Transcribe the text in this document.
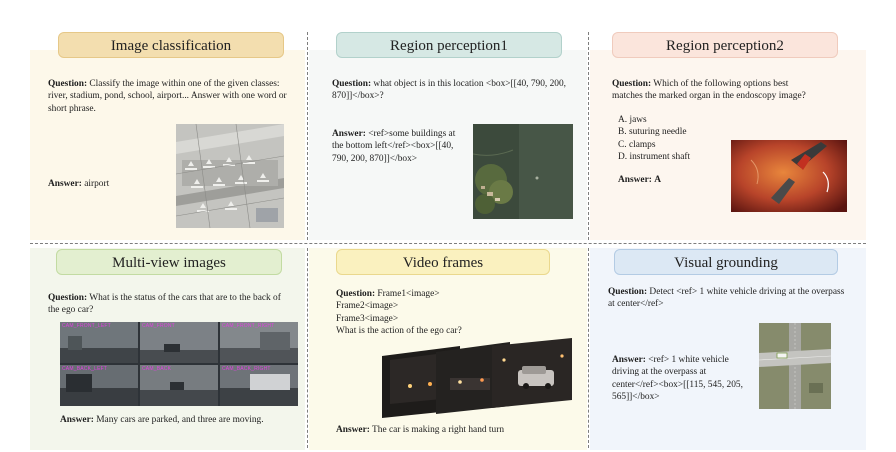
Image classification	Region perception1	Region perception2
Multi-view images	Video frames	Visual grounding
Question: Classify the image within one of the given classes: river, stadium, pond, school, airport... Answer with one word or short phrase.
Answer: airport
Question: what object is in this location <box>[[40, 790, 200, 870]]</box>?
Answer: <ref>some buildings at the bottom left</ref><box>[[40, 790, 200, 870]]</box>
Question: Which of the following options best matches the marked organ in the endoscopy image?
A. jaws
B. suturing needle
C. clamps
D. instrument shaft
Answer: A
Question: What is the status of the cars that are to the back of the ego car?
CAM_FRONT_LEFT	CAM_FRONT	CAM_FRONT_RIGHT
CAM_BACK_LEFT	CAM_BACK	CAM_BACK_RIGHT
Answer: Many cars are parked, and three are moving.
Question: Frame1<image>
Frame2<image>
Frame3<image>
What is the action of the ego car?
Answer: The car is making a right hand turn
Question: Detect <ref> 1 white vehicle driving at the overpass at center</ref>
Answer: <ref> 1 white vehicle driving at the overpass at center</ref><box>[[115, 545, 205, 565]]</box>
